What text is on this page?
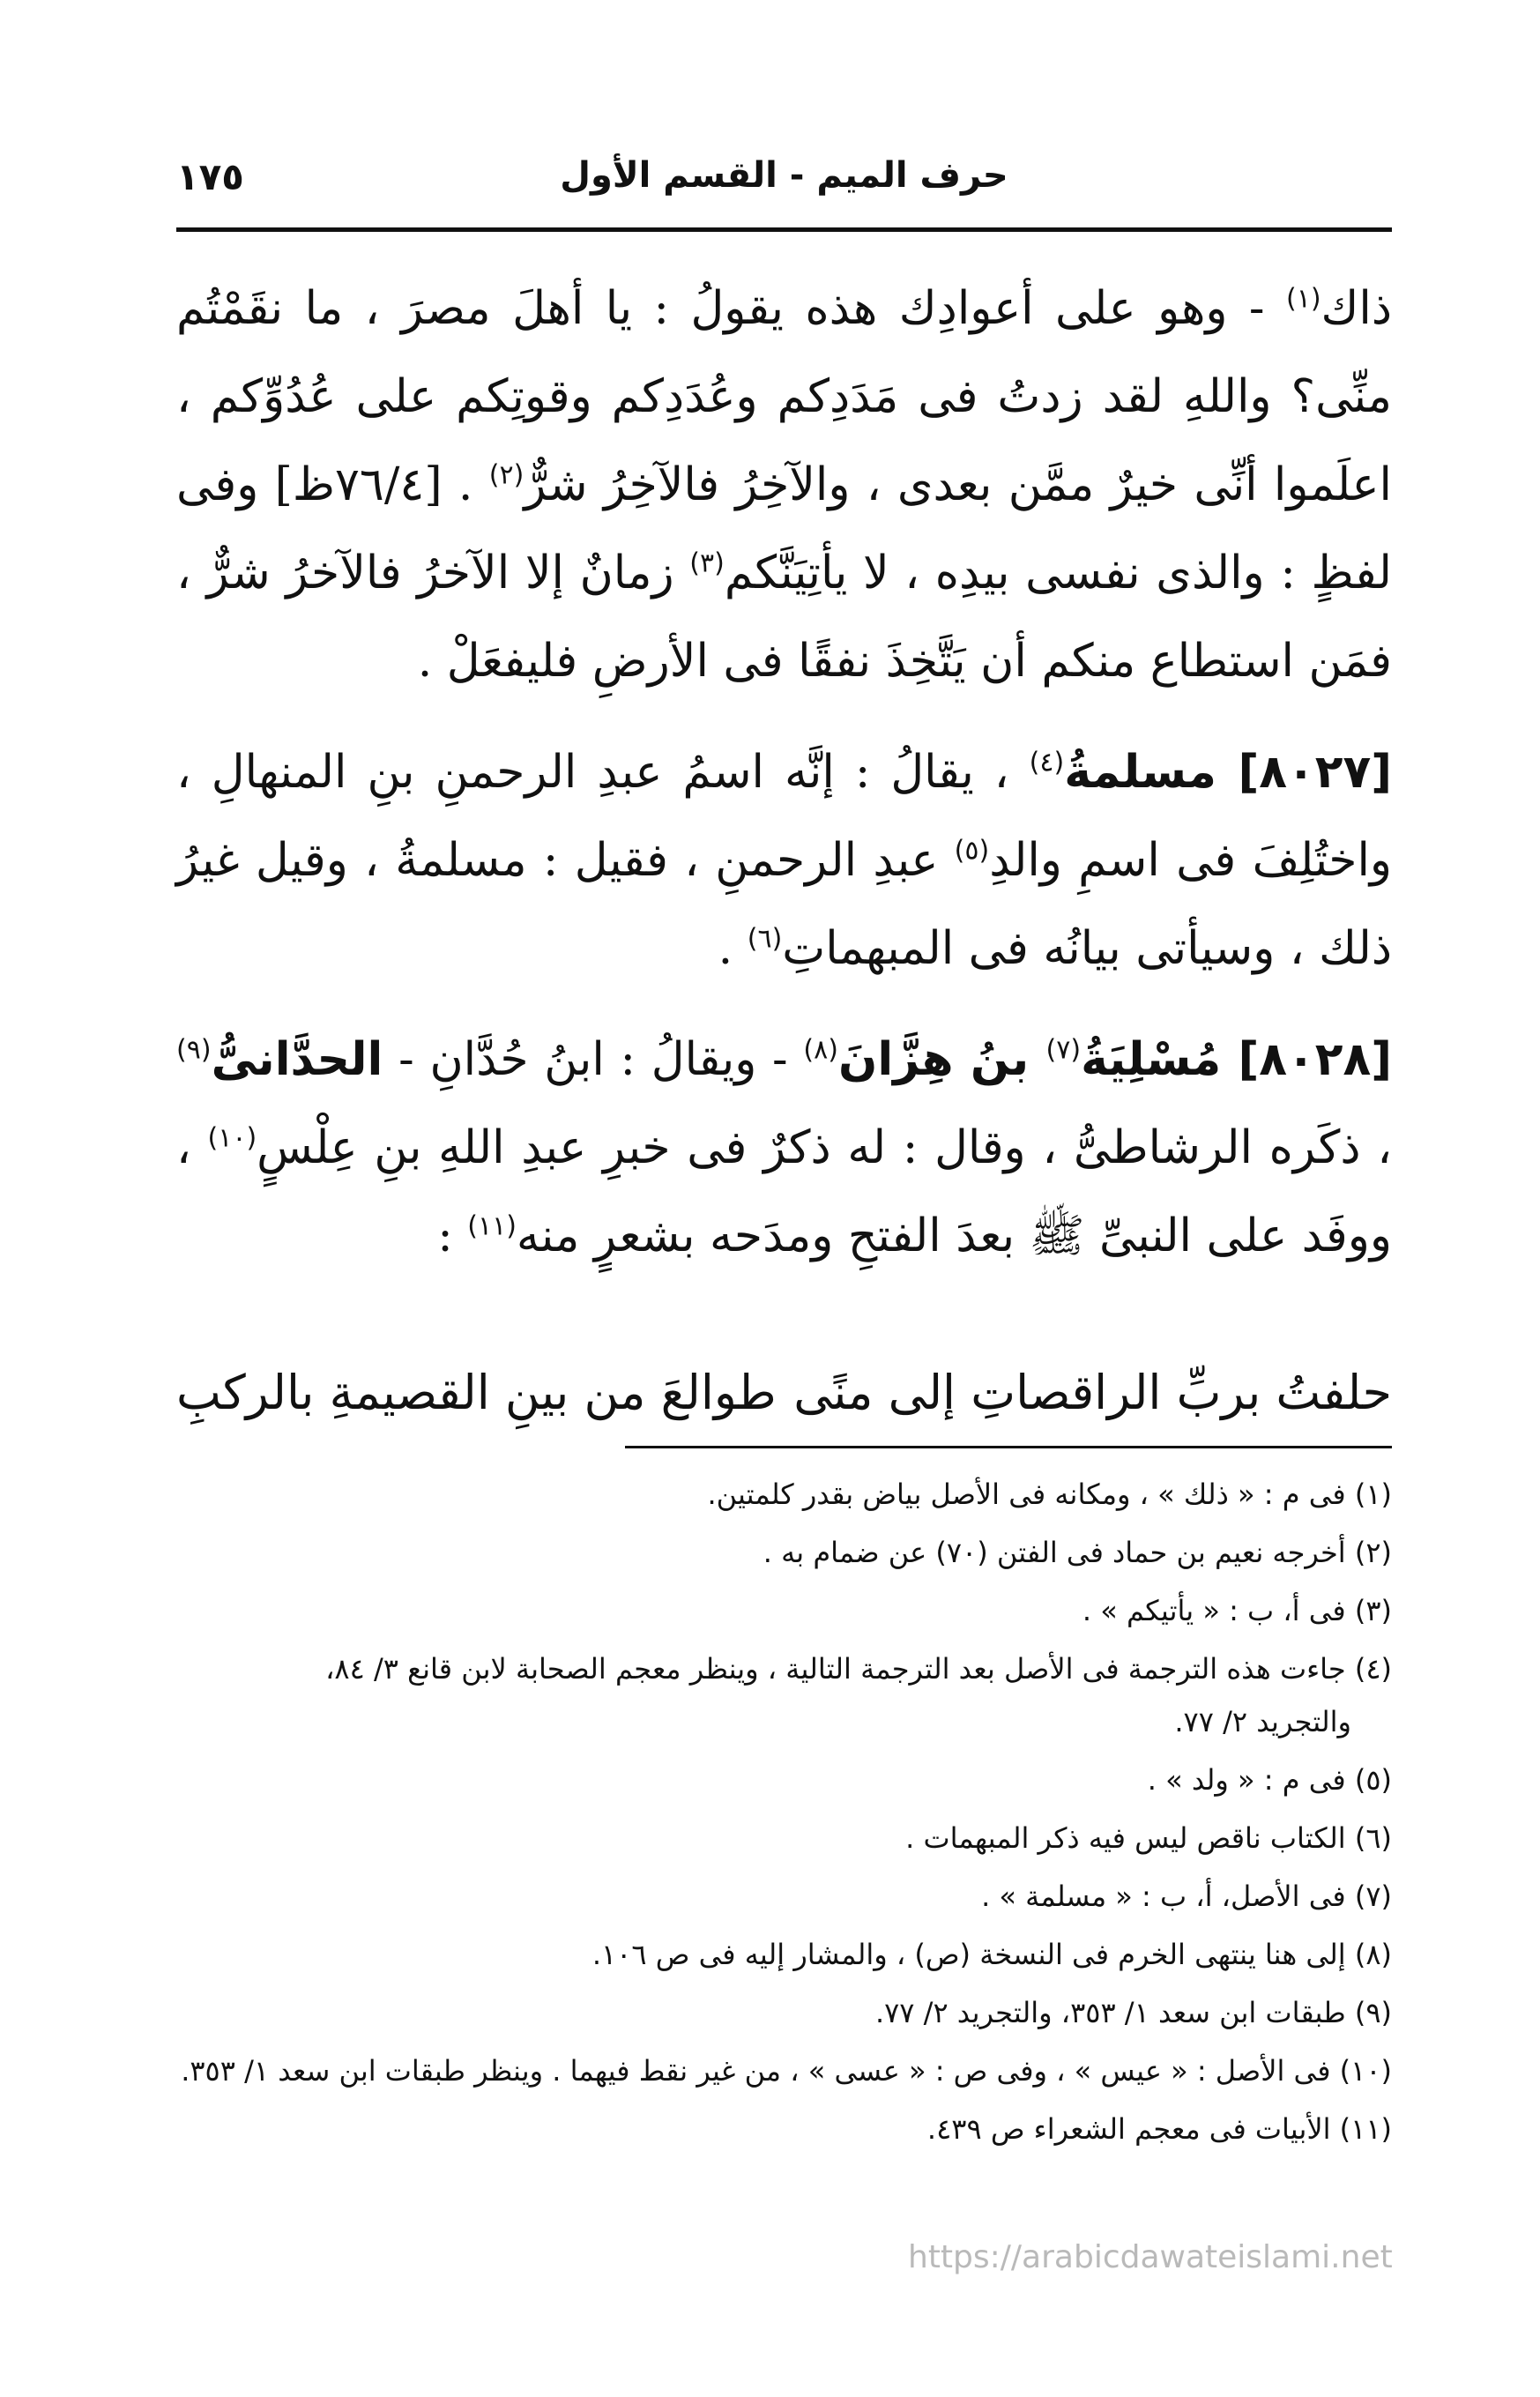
١٧٥	حرف الميم - القسم الأول

ذاك$^{(١)}$ - وهو على أعوادِك هذه يقولُ : يا أهلَ مصرَ ، ما نقَمْتُم منِّى؟ واللهِ لقد زدتُ فى مَدَدِكم وعُدَدِكم وقوتِكم على عُدُوِّكم ، اعلَموا أنِّى خيرٌ ممَّن بعدى ، والآخِرُ فالآخِرُ شرٌّ$^{(٢)}$ . [٧٦/٤ظ] وفى لفظٍ : والذى نفسى بيدِه ، لا يأتِيَنَّكم$^{(٣)}$ زمانٌ إلا الآخرُ فالآخرُ شرٌّ ، فمَن استطاع منكم أن يَتَّخِذَ نفقًا فى الأرضِ فليفعَلْ .

[٨٠٢٧] مسلمةُ$^{(٤)}$ ، يقالُ : إنَّه اسمُ عبدِ الرحمنِ بنِ المنهالِ ، واختُلِفَ فى اسمِ والدِ$^{(٥)}$ عبدِ الرحمنِ ، فقيل : مسلمةُ ، وقيل غيرُ ذلك ، وسيأتى بيانُه فى المبهماتِ$^{(٦)}$ .

[٨٠٢٨] مُسْلِيَةُ$^{(٧)}$ بنُ هِزَّانَ$^{(٨)}$ - ويقالُ : ابنُ حُدَّانِ - الحدَّانىُّ$^{(٩)}$ ، ذكَره الرشاطىُّ ، وقال : له ذكرٌ فى خبرِ عبدِ اللهِ بنِ عِلْسٍ$^{(١٠)}$ ، ووفَد على النبىِّ ﷺ بعدَ الفتحِ ومدَحه بشعرٍ منه$^{(١١)}$ :

حلفتُ بربِّ الراقصاتِ إلى منًى
طوالعَ من بينِ القصيمةِ بالركبِ

(١) فى م : « ذلك » ، ومكانه فى الأصل بياض بقدر كلمتين.

(٢) أخرجه نعيم بن حماد فى الفتن (٧٠) عن ضمام به .

(٣) فى أ، ب : « يأتيكم » .

(٤) جاءت هذه الترجمة فى الأصل بعد الترجمة التالية ، وينظر معجم الصحابة لابن قانع ٣/ ٨٤،
والتجريد ٢/ ٧٧.

(٥) فى م : « ولد » .

(٦) الكتاب ناقص ليس فيه ذكر المبهمات .

(٧) فى الأصل، أ، ب : « مسلمة » .

(٨) إلى هنا ينتهى الخرم فى النسخة (ص) ، والمشار إليه فى ص ١٠٦.

(٩) طبقات ابن سعد ١/ ٣٥٣، والتجريد ٢/ ٧٧.

(١٠) فى الأصل : « عيس » ، وفى ص : « عسى » ، من غير نقط فيهما . وينظر طبقات ابن سعد ١/ ٣٥٣.

(١١) الأبيات فى معجم الشعراء ص ٤٣٩.

https://arabicdawateislami.net
